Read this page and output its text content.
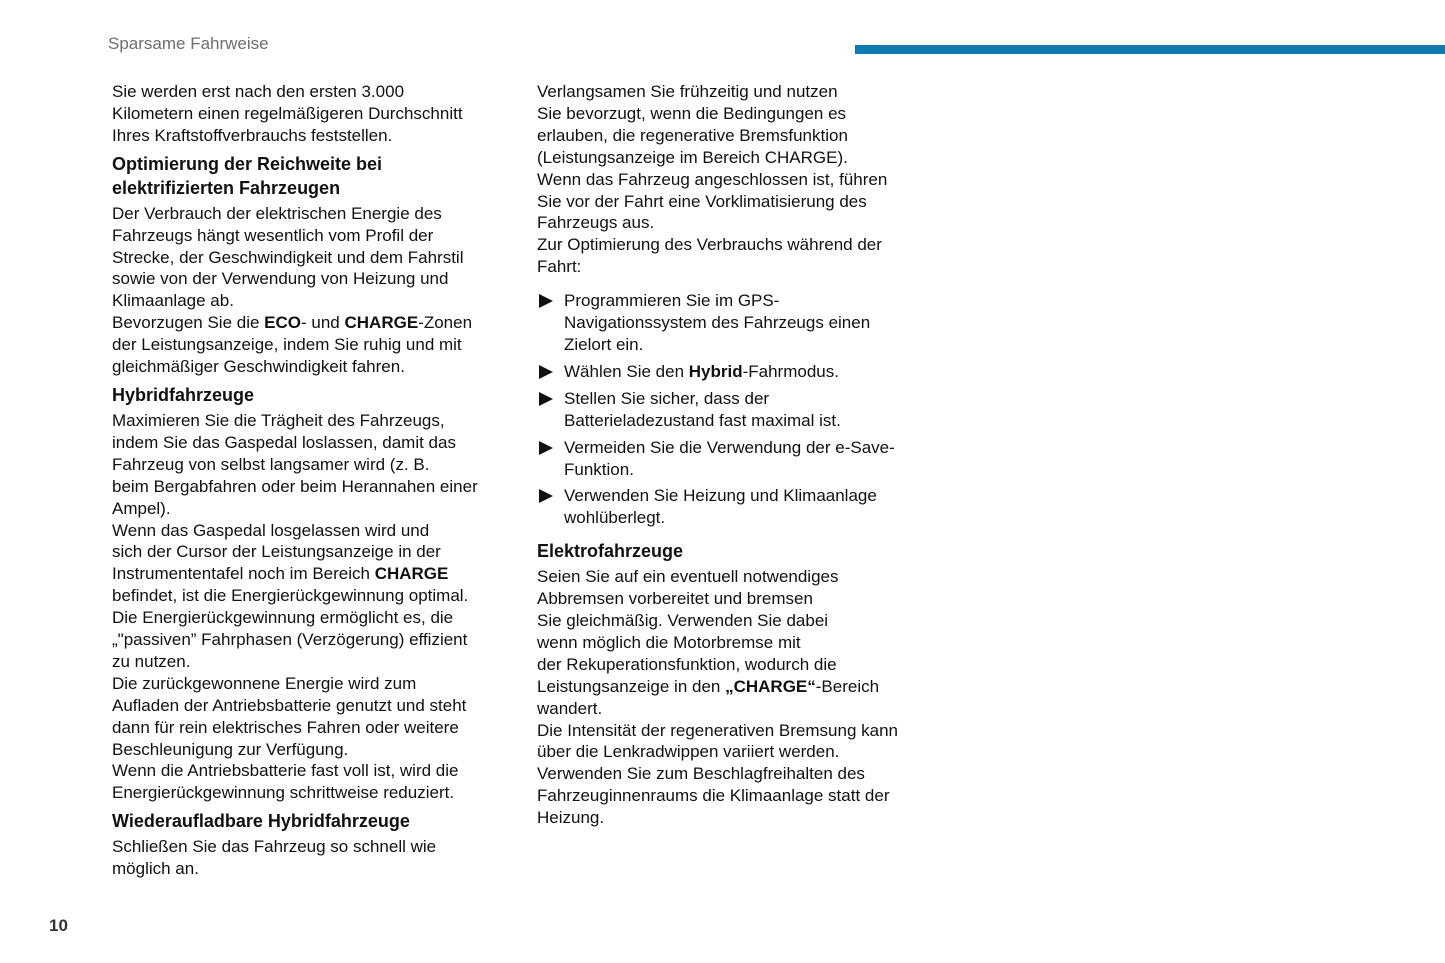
Sparsame Fahrweise

Sie werden erst nach den ersten 3.000
Kilometern einen regelmäßigeren Durchschnitt
Ihres Kraftstoffverbrauchs feststellen.

Optimierung der Reichweite bei
elektrifizierten Fahrzeugen

Der Verbrauch der elektrischen Energie des
Fahrzeugs hängt wesentlich vom Profil der
Strecke, der Geschwindigkeit und dem Fahrstil
sowie von der Verwendung von Heizung und
Klimaanlage ab.

Bevorzugen Sie die ECO- und CHARGE-Zonen
der Leistungsanzeige, indem Sie ruhig und mit
gleichmäßiger Geschwindigkeit fahren.

Hybridfahrzeuge

Maximieren Sie die Trägheit des Fahrzeugs,
indem Sie das Gaspedal loslassen, damit das
Fahrzeug von selbst langsamer wird (z. B.
beim Bergabfahren oder beim Herannahen einer
Ampel).

Wenn das Gaspedal losgelassen wird und
sich der Cursor der Leistungsanzeige in der
Instrumententafel noch im Bereich CHARGE
befindet, ist die Energierückgewinnung optimal.

Die Energierückgewinnung ermöglicht es, die
„"passiven” Fahrphasen (Verzögerung) effizient
zu nutzen.

Die zurückgewonnene Energie wird zum
Aufladen der Antriebsbatterie genutzt und steht
dann für rein elektrisches Fahren oder weitere
Beschleunigung zur Verfügung.

Wenn die Antriebsbatterie fast voll ist, wird die
Energierückgewinnung schrittweise reduziert.

Wiederaufladbare Hybridfahrzeuge

Schließen Sie das Fahrzeug so schnell wie
möglich an.

Verlangsamen Sie frühzeitig und nutzen
Sie bevorzugt, wenn die Bedingungen es
erlauben, die regenerative Bremsfunktion
(Leistungsanzeige im Bereich CHARGE).

Wenn das Fahrzeug angeschlossen ist, führen
Sie vor der Fahrt eine Vorklimatisierung des
Fahrzeugs aus.

Zur Optimierung des Verbrauchs während der
Fahrt:

Programmieren Sie im GPS-
Navigationssystem des Fahrzeugs einen
Zielort ein.
Wählen Sie den Hybrid-Fahrmodus.
Stellen Sie sicher, dass der
Batterieladezustand fast maximal ist.
Vermeiden Sie die Verwendung der e-Save-
Funktion.
Verwenden Sie Heizung und Klimaanlage
wohlüberlegt.
Elektrofahrzeuge

Seien Sie auf ein eventuell notwendiges
Abbremsen vorbereitet und bremsen
Sie gleichmäßig. Verwenden Sie dabei
wenn möglich die Motorbremse mit
der Rekuperationsfunktion, wodurch die
Leistungsanzeige in den „CHARGE“-Bereich
wandert.

Die Intensität der regenerativen Bremsung kann
über die Lenkradwippen variiert werden.

Verwenden Sie zum Beschlagfreihalten des
Fahrzeuginnenraums die Klimaanlage statt der
Heizung.

10
